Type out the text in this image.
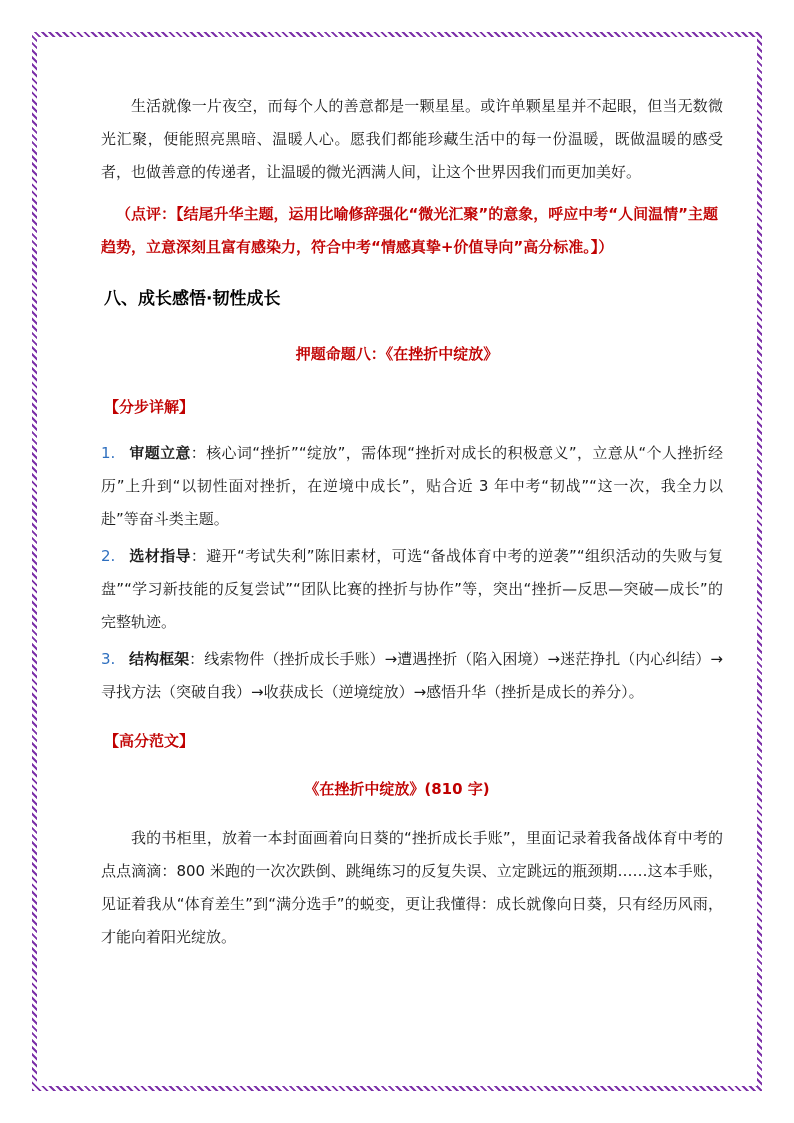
生活就像一片夜空，而每个人的善意都是一颗星星。或许单颗星星并不起眼，但当无数微光汇聚，便能照亮黑暗、温暖人心。愿我们都能珍藏生活中的每一份温暖，既做温暖的感受者，也做善意的传递者，让温暖的微光洒满人间，让这个世界因我们而更加美好。

（点评：【结尾升华主题，运用比喻修辞强化“微光汇聚”的意象，呼应中考“人间温情”主题趋势，立意深刻且富有感染力，符合中考“情感真挚+价值导向”高分标准。】）

八、成长感悟·韧性成长
押题命题八：《在挫折中绽放》
【分步详解】
1. 审题立意：核心词“挫折”“绽放”，需体现“挫折对成长的积极意义”，立意从“个人挫折经历”上升到“以韧性面对挫折，在逆境中成长”，贴合近 3 年中考“韧战”“这一次，我全力以赴”等奋斗类主题。
2. 选材指导：避开“考试失利”陈旧素材，可选“备战体育中考的逆袭”“组织活动的失败与复盘”“学习新技能的反复尝试”“团队比赛的挫折与协作”等，突出“挫折—反思—突破—成长”的完整轨迹。
3. 结构框架：线索物件（挫折成长手账）→遭遇挫折（陷入困境）→迷茫挣扎（内心纠结）→寻找方法（突破自我）→收获成长（逆境绽放）→感悟升华（挫折是成长的养分）。
【高分范文】
《在挫折中绽放》(810 字)

我的书柜里，放着一本封面画着向日葵的“挫折成长手账”，里面记录着我备战体育中考的点点滴滴：800 米跑的一次次跌倒、跳绳练习的反复失误、立定跳远的瓶颈期……这本手账，见证着我从“体育差生”到“满分选手”的蜕变，更让我懂得：成长就像向日葵，只有经历风雨，才能向着阳光绽放。
